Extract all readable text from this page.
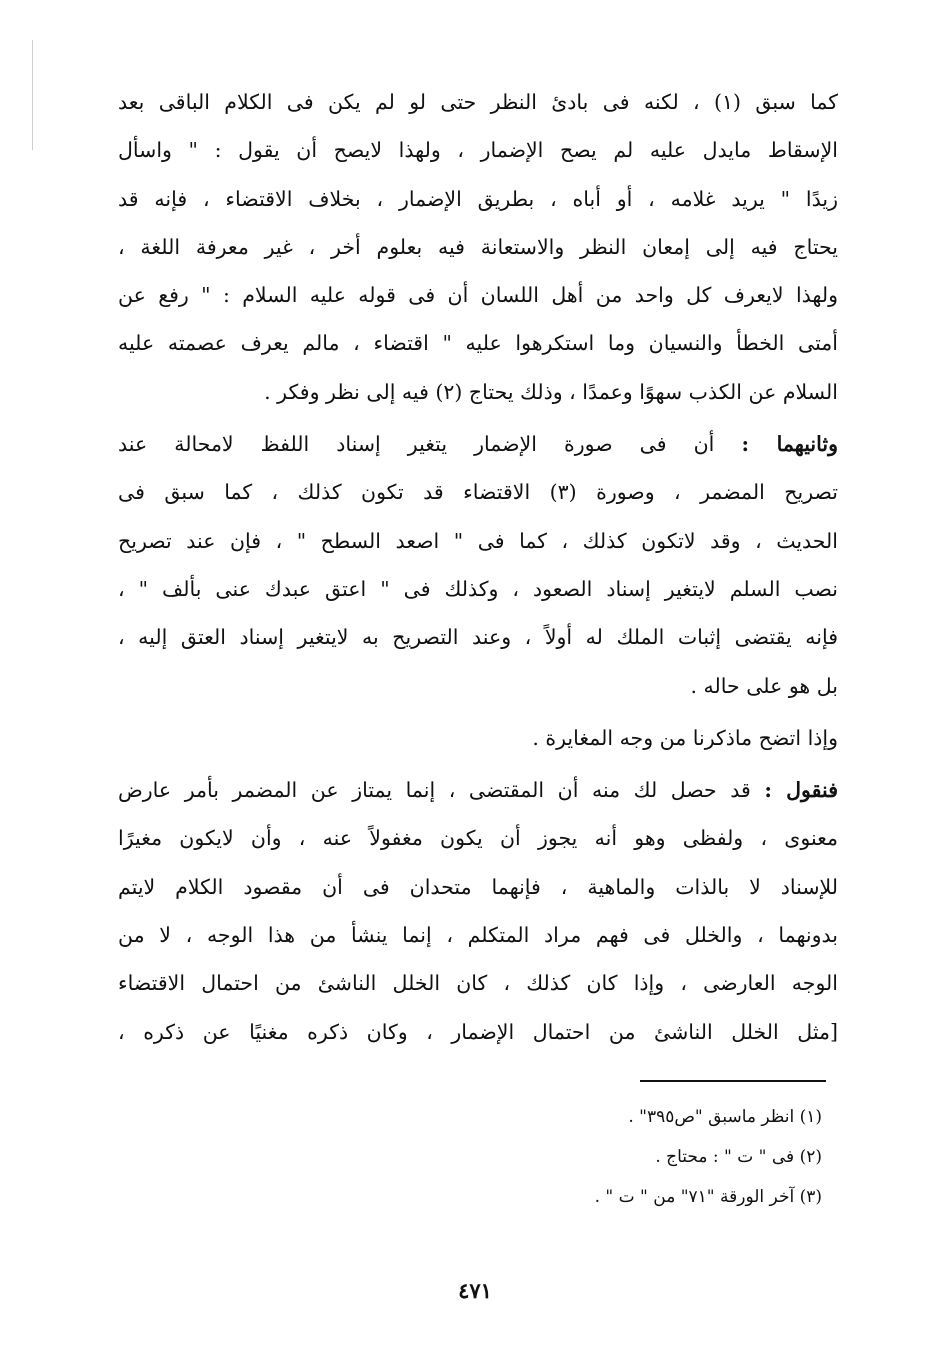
كما سبق (١) ، لكنه فى بادئ النظر حتى لو لم يكن فى الكلام الباقى بعد
الإسقاط مايدل عليه لم يصح الإضمار ، ولهذا لايصح أن يقول : " واسأل
زيدًا " يريد غلامه ، أو أباه ، بطريق الإضمار ، بخلاف الاقتضاء ، فإنه قد
يحتاج فيه إلى إمعان النظر والاستعانة فيه بعلوم أخر ، غير معرفة اللغة ،
ولهذا لايعرف كل واحد من أهل اللسان أن فى قوله عليه السلام : " رفع عن
أمتى الخطأ والنسيان وما استكرهوا عليه " اقتضاء ، مالم يعرف عصمته عليه
السلام عن الكذب سهوًا وعمدًا ، وذلك يحتاج (٢) فيه إلى نظر وفكر .
وثانيهما : أن فى صورة الإضمار يتغير إسناد اللفظ لامحالة عند
تصريح المضمر ، وصورة (٣) الاقتضاء قد تكون كذلك ، كما سبق فى
الحديث ، وقد لاتكون كذلك ، كما فى " اصعد السطح " ، فإن عند تصريح
نصب السلم لايتغير إسناد الصعود ، وكذلك فى " اعتق عبدك عنى بألف " ،
فإنه يقتضى إثبات الملك له أولاً ، وعند التصريح به لايتغير إسناد العتق إليه ،
بل هو على حاله .
وإذا اتضح ماذكرنا من وجه المغايرة .
فنقول : قد حصل لك منه أن المقتضى ، إنما يمتاز عن المضمر بأمر عارض
معنوى ، ولفظى وهو أنه يجوز أن يكون مغفولاً عنه ، وأن لايكون مغيرًا
للإسناد لا بالذات والماهية ، فإنهما متحدان فى أن مقصود الكلام لايتم
بدونهما ، والخلل فى فهم مراد المتكلم ، إنما ينشأ من هذا الوجه ، لا من
الوجه العارضى ، وإذا كان كذلك ، كان الخلل الناشئ من احتمال الاقتضاء
[مثل الخلل الناشئ من احتمال الإضمار ، وكان ذكره مغنيًا عن ذكره ،
(١) انظر ماسبق "ص٣٩٥" .
(٢) فى " ت " : محتاج .
(٣) آخر الورقة "٧١" من " ت " .
٤٧١
